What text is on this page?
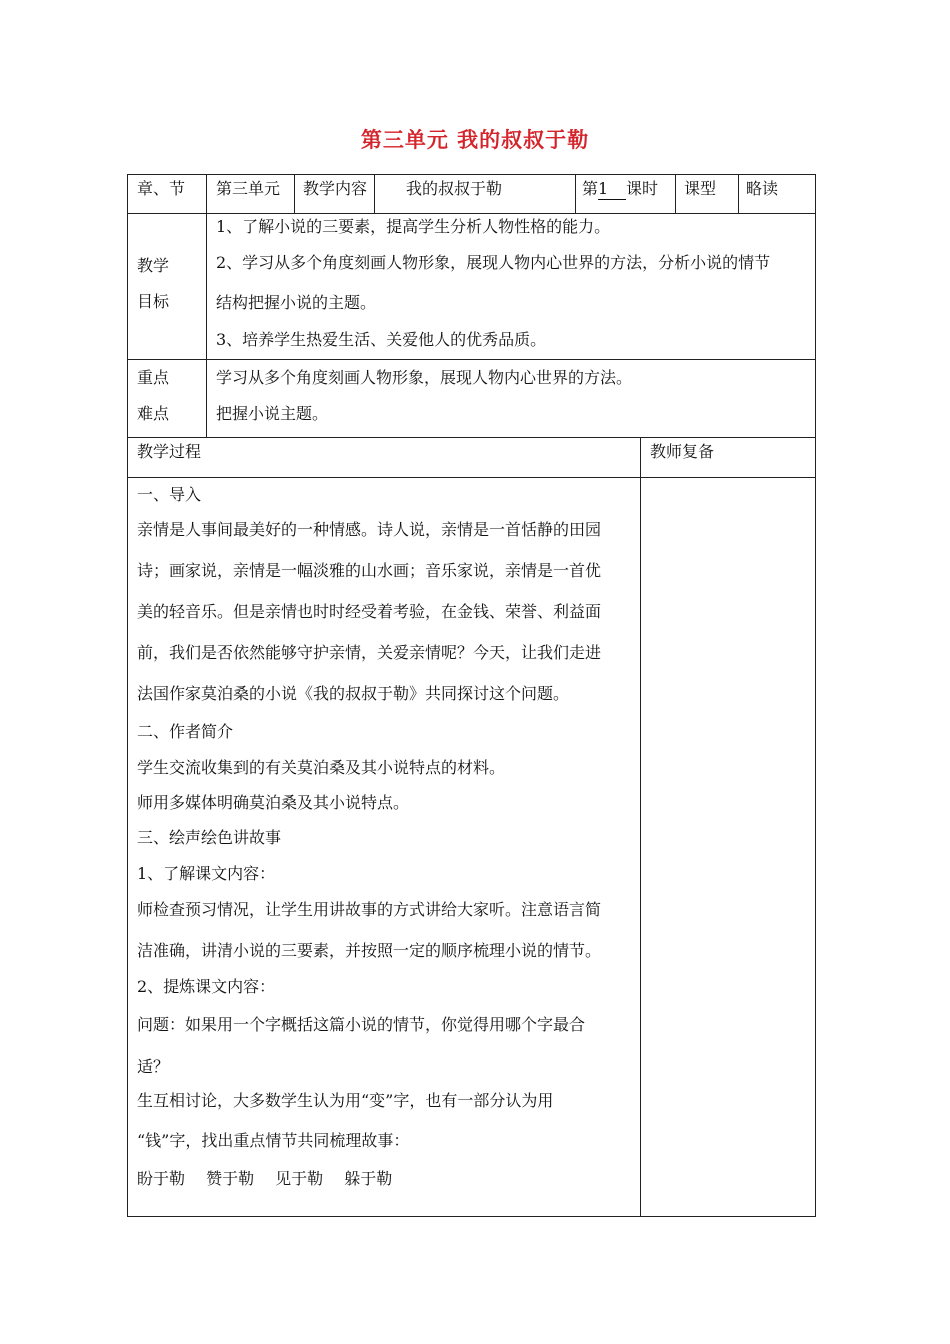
第三单元 我的叔叔于勒
章、节 第三单元 教学内容 我的叔叔于勒	第1 课时 课型 略读
教学
目标
1、了解小说的三要素，提高学生分析人物性格的能力。
2、学习从多个角度刻画人物形象，展现人物内心世界的方法，分析小说的情节
结构把握小说的主题。
3、培养学生热爱生活、关爱他人的优秀品质。
重点
难点
学习从多个角度刻画人物形象，展现人物内心世界的方法。
把握小说主题。
教学过程	教师复备
一、导入
亲情是人事间最美好的一种情感。诗人说，亲情是一首恬静的田园
诗；画家说，亲情是一幅淡雅的山水画；音乐家说，亲情是一首优
美的轻音乐。但是亲情也时时经受着考验，在金钱、荣誉、利益面
前，我们是否依然能够守护亲情，关爱亲情呢？今天，让我们走进
法国作家莫泊桑的小说《我的叔叔于勒》共同探讨这个问题。
二、作者简介
学生交流收集到的有关莫泊桑及其小说特点的材料。
师用多媒体明确莫泊桑及其小说特点。
三、绘声绘色讲故事
1、了解课文内容：
师检查预习情况，让学生用讲故事的方式讲给大家听。注意语言简
洁准确，讲清小说的三要素，并按照一定的顺序梳理小说的情节。
2、提炼课文内容：
问题：如果用一个字概括这篇小说的情节，你觉得用哪个字最合
适？
生互相讨论，大多数学生认为用“变”字，也有一部分认为用
“钱”字，找出重点情节共同梳理故事：
盼于勒　 赞于勒　 见于勒　 躲于勒
